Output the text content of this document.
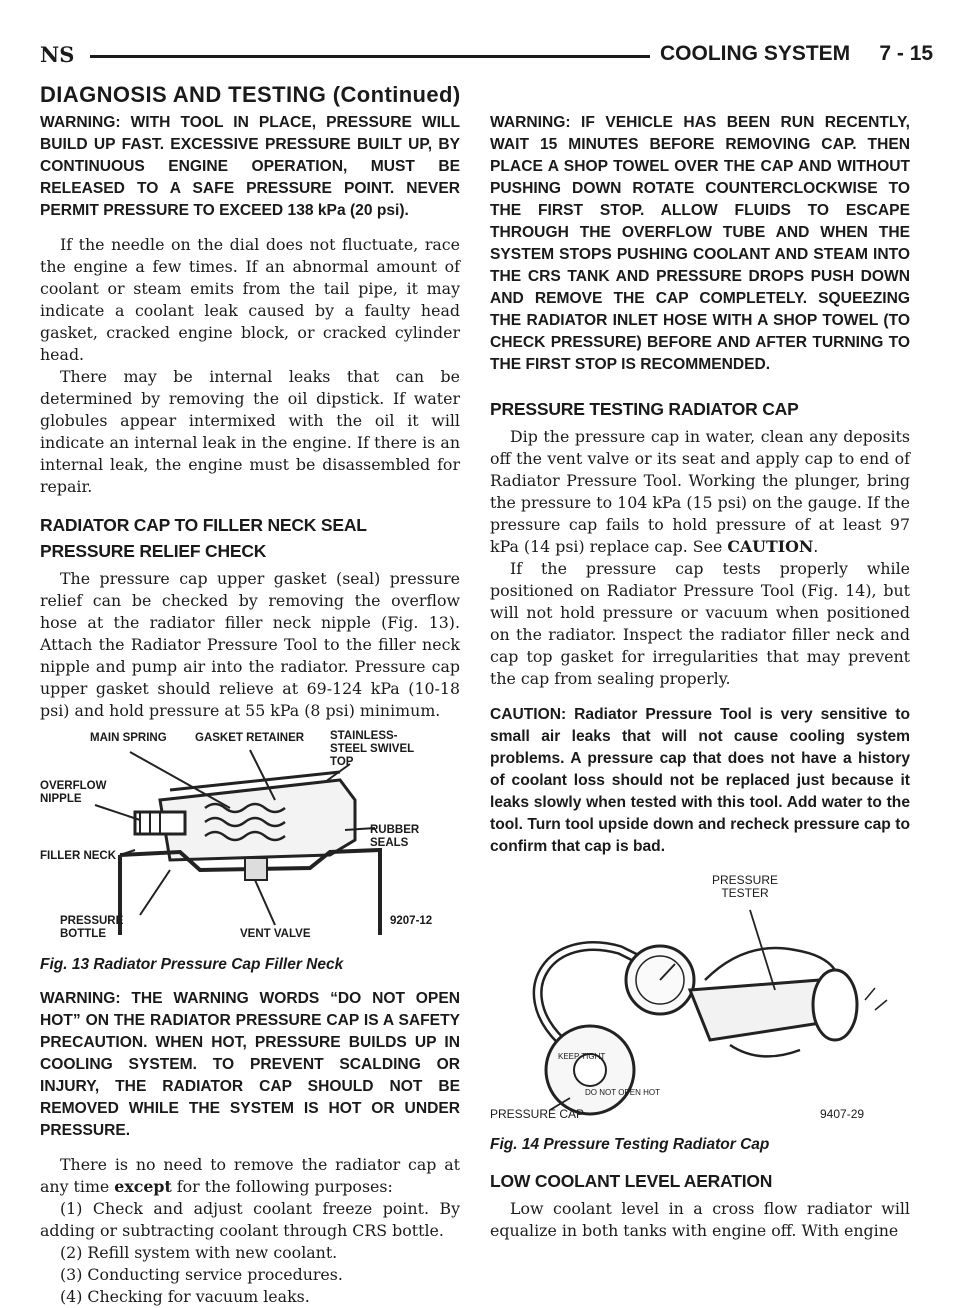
NS	COOLING SYSTEM     7 - 15
DIAGNOSIS AND TESTING (Continued)

WARNING: WITH TOOL IN PLACE, PRESSURE WILL BUILD UP FAST. EXCESSIVE PRESSURE BUILT UP, BY CONTINUOUS ENGINE OPERATION, MUST BE RELEASED TO A SAFE PRESSURE POINT. NEVER PERMIT PRESSURE TO EXCEED 138 kPa (20 psi).

If the needle on the dial does not fluctuate, race the engine a few times. If an abnormal amount of coolant or steam emits from the tail pipe, it may indicate a coolant leak caused by a faulty head gasket, cracked engine block, or cracked cylinder head.

There may be internal leaks that can be determined by removing the oil dipstick. If water globules appear intermixed with the oil it will indicate an internal leak in the engine. If there is an internal leak, the engine must be disassembled for repair.

RADIATOR CAP TO FILLER NECK SEAL PRESSURE RELIEF CHECK

The pressure cap upper gasket (seal) pressure relief can be checked by removing the overflow hose at the radiator filler neck nipple (Fig. 13). Attach the Radiator Pressure Tool to the filler neck nipple and pump air into the radiator. Pressure cap upper gasket should relieve at 69-124 kPa (10-18 psi) and hold pressure at 55 kPa (8 psi) minimum.

MAIN SPRING GASKET RETAINER STAINLESS-STEEL SWIVEL TOP
OVERFLOW NIPPLE
RUBBER SEALS
FILLER NECK
PRESSURE BOTTLE	VENT VALVE
9207-12
Fig. 13 Radiator Pressure Cap Filler Neck

WARNING: THE WARNING WORDS “DO NOT OPEN HOT” ON THE RADIATOR PRESSURE CAP IS A SAFETY PRECAUTION. WHEN HOT, PRESSURE BUILDS UP IN COOLING SYSTEM. TO PREVENT SCALDING OR INJURY, THE RADIATOR CAP SHOULD NOT BE REMOVED WHILE THE SYSTEM IS HOT OR UNDER PRESSURE.

There is no need to remove the radiator cap at any time except for the following purposes:

(1) Check and adjust coolant freeze point. By adding or subtracting coolant through CRS bottle.

(2) Refill system with new coolant.

(3) Conducting service procedures.

(4) Checking for vacuum leaks.

WARNING: IF VEHICLE HAS BEEN RUN RECENTLY, WAIT 15 MINUTES BEFORE REMOVING CAP. THEN PLACE A SHOP TOWEL OVER THE CAP AND WITHOUT PUSHING DOWN ROTATE COUNTERCLOCKWISE TO THE FIRST STOP. ALLOW FLUIDS TO ESCAPE THROUGH THE OVERFLOW TUBE AND WHEN THE SYSTEM STOPS PUSHING COOLANT AND STEAM INTO THE CRS TANK AND PRESSURE DROPS PUSH DOWN AND REMOVE THE CAP COMPLETELY. SQUEEZING THE RADIATOR INLET HOSE WITH A SHOP TOWEL (TO CHECK PRESSURE) BEFORE AND AFTER TURNING TO THE FIRST STOP IS RECOMMENDED.

PRESSURE TESTING RADIATOR CAP

Dip the pressure cap in water, clean any deposits off the vent valve or its seat and apply cap to end of Radiator Pressure Tool. Working the plunger, bring the pressure to 104 kPa (15 psi) on the gauge. If the pressure cap fails to hold pressure of at least 97 kPa (14 psi) replace cap. See CAUTION.

If the pressure cap tests properly while positioned on Radiator Pressure Tool (Fig. 14), but will not hold pressure or vacuum when positioned on the radiator. Inspect the radiator filler neck and cap top gasket for irregularities that may prevent the cap from sealing properly.

CAUTION: Radiator Pressure Tool is very sensitive to small air leaks that will not cause cooling system problems. A pressure cap that does not have a history of coolant loss should not be replaced just because it leaks slowly when tested with this tool. Add water to the tool. Turn tool upside down and recheck pressure cap to confirm that cap is bad.

PRESSURE TESTER
PRESSURE CAP	9407-29
KEEP TIGHT
DO NOT OPEN HOT
Fig. 14 Pressure Testing Radiator Cap
LOW COOLANT LEVEL AERATION

Low coolant level in a cross flow radiator will equalize in both tanks with engine off. With engine
